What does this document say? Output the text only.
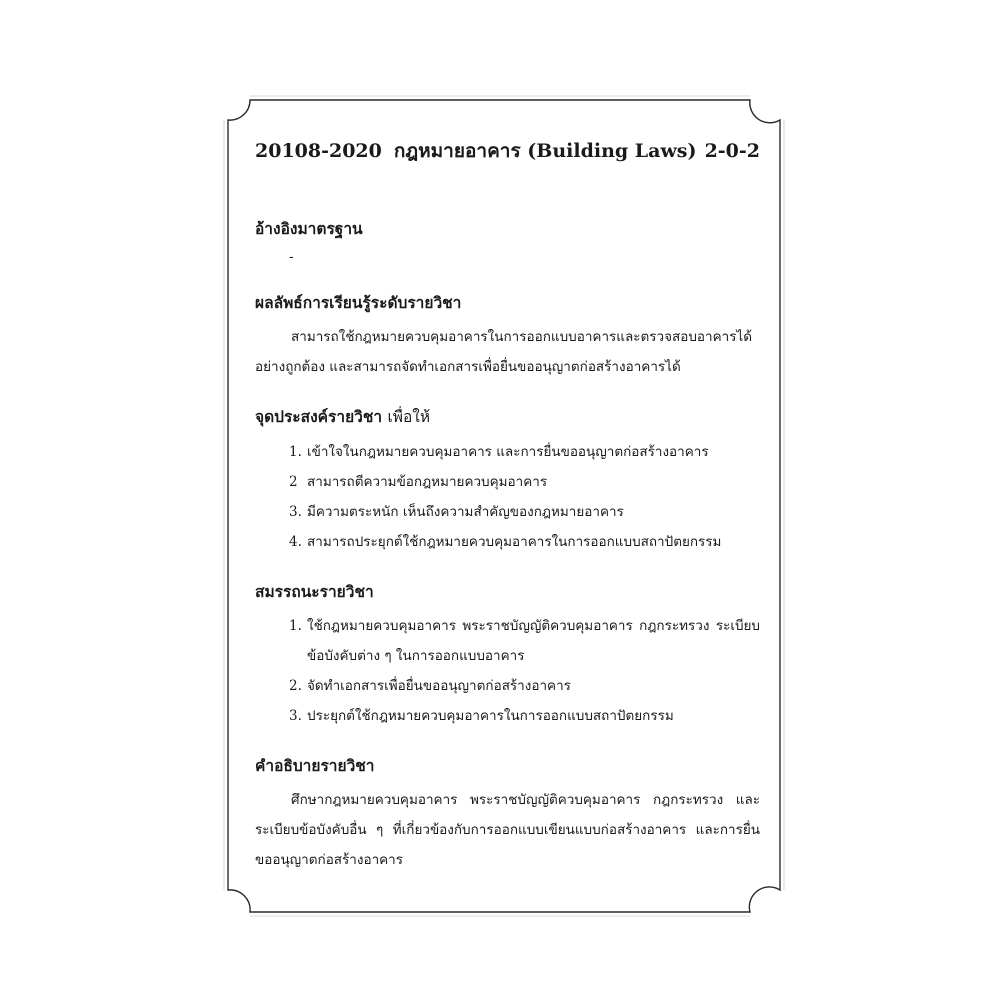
20108-2020 กฎหมายอาคาร (Building Laws) 2-0-2
อ้างอิงมาตรฐาน
-
ผลลัพธ์การเรียนรู้ระดับรายวิชา

สามารถใช้กฎหมายควบคุมอาคารในการออกแบบอาคารและตรวจสอบอาคารได้อย่างถูกต้อง และสามารถจัดทำเอกสารเพื่อยื่นขออนุญาตก่อสร้างอาคารได้

จุดประสงค์รายวิชา เพื่อให้
1. เข้าใจในกฎหมายควบคุมอาคาร และการยื่นขออนุญาตก่อสร้างอาคาร
2 สามารถตีความข้อกฎหมายควบคุมอาคาร
3. มีความตระหนัก เห็นถึงความสำคัญของกฎหมายอาคาร
4. สามารถประยุกต์ใช้กฎหมายควบคุมอาคารในการออกแบบสถาปัตยกรรม
สมรรถนะรายวิชา
1. ใช้กฎหมายควบคุมอาคาร พระราชบัญญัติควบคุมอาคาร กฎกระทรวง ระเบียบข้อบังคับต่าง ๆ ในการออกแบบอาคาร
2. จัดทำเอกสารเพื่อยื่นขออนุญาตก่อสร้างอาคาร
3. ประยุกต์ใช้กฎหมายควบคุมอาคารในการออกแบบสถาปัตยกรรม
คำอธิบายรายวิชา

ศึกษากฎหมายควบคุมอาคาร พระราชบัญญัติควบคุมอาคาร กฎกระทรวง และระเบียบข้อบังคับอื่น ๆ ที่เกี่ยวข้องกับการออกแบบเขียนแบบก่อสร้างอาคาร และการยื่นขออนุญาตก่อสร้างอาคาร
